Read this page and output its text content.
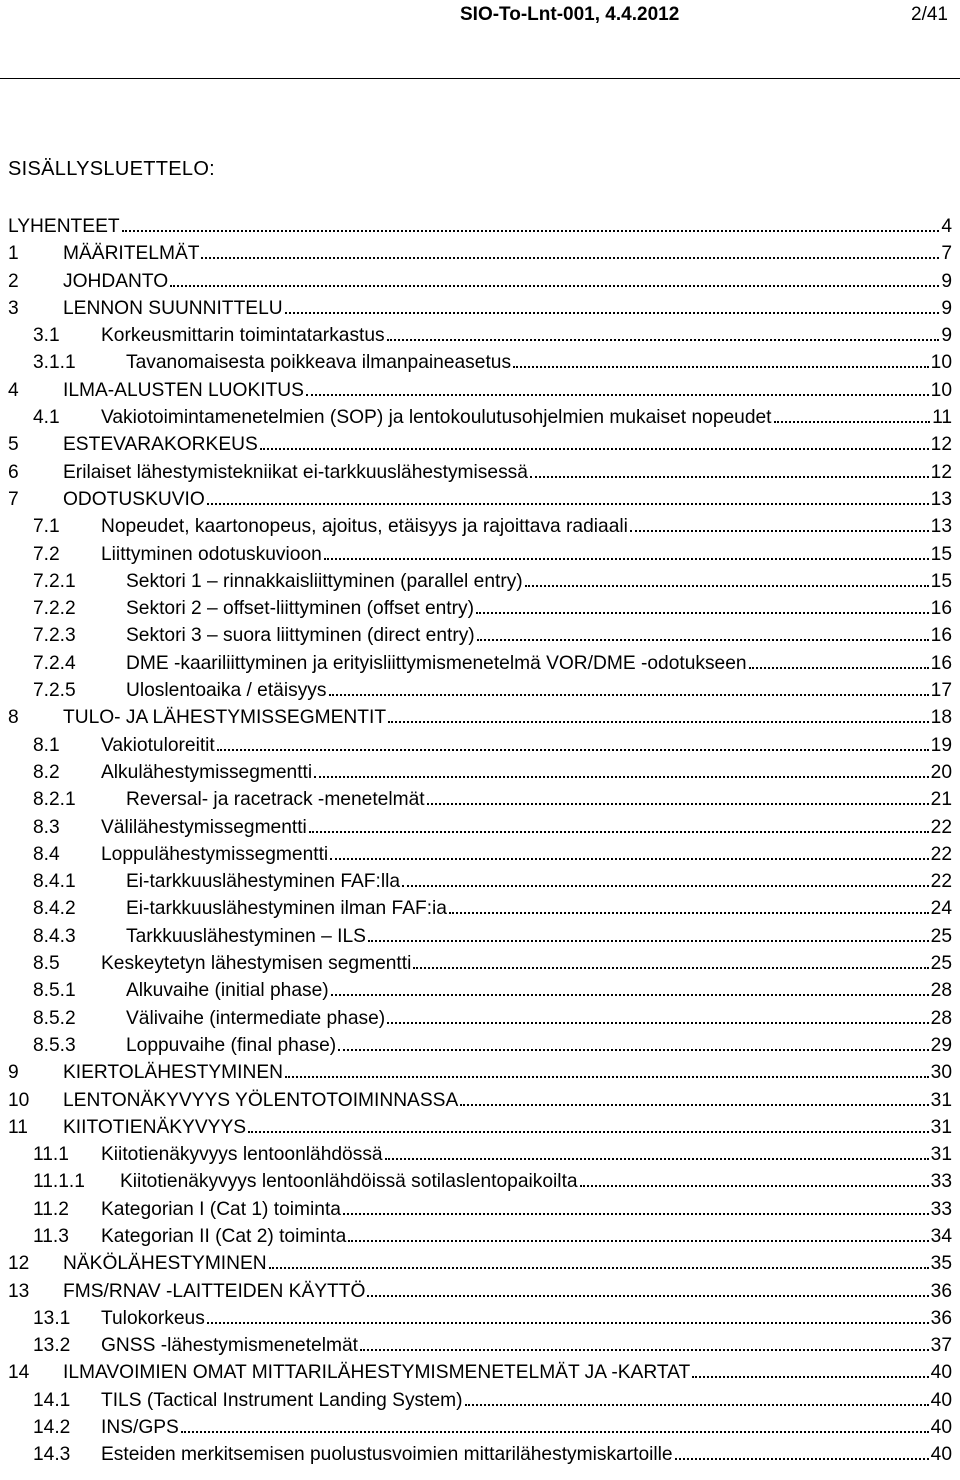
SIO-To-Lnt-001, 4.4.2012	2/41
SISÄLLYSLUETTELO:
LYHENTEET	4
1	MÄÄRITELMÄT	7
2	JOHDANTO	9
3	LENNON SUUNNITTELU	9
3.1	Korkeusmittarin toimintatarkastus	9
3.1.1	Tavanomaisesta poikkeava ilmanpaineasetus	10
4	ILMA-ALUSTEN LUOKITUS	10
4.1	Vakiotoimintamenetelmien (SOP) ja lentokoulutusohjelmien mukaiset nopeudet	11
5	ESTEVARAKORKEUS	12
6	Erilaiset lähestymistekniikat ei-tarkkuuslähestymisessä	12
7	ODOTUSKUVIO	13
7.1	Nopeudet, kaartonopeus, ajoitus, etäisyys ja rajoittava radiaali	13
7.2	Liittyminen odotuskuvioon	15
7.2.1	Sektori 1 – rinnakkaisliittyminen (parallel entry)	15
7.2.2	Sektori 2 – offset-liittyminen (offset entry)	16
7.2.3	Sektori 3 – suora liittyminen (direct entry)	16
7.2.4	DME -kaariliittyminen ja erityisliittymismenetelmä VOR/DME -odotukseen	16
7.2.5	Uloslentoaika / etäisyys	17
8	TULO- JA LÄHESTYMISSEGMENTIT	18
8.1	Vakiotuloreitit	19
8.2	Alkulähestymissegmentti	20
8.2.1	Reversal- ja racetrack -menetelmät	21
8.3	Välilähestymissegmentti	22
8.4	Loppulähestymissegmentti	22
8.4.1	Ei-tarkkuuslähestyminen FAF:lla	22
8.4.2	Ei-tarkkuuslähestyminen ilman FAF:ia	24
8.4.3	Tarkkuuslähestyminen – ILS	25
8.5	Keskeytetyn lähestymisen segmentti	25
8.5.1	Alkuvaihe (initial phase)	28
8.5.2	Välivaihe (intermediate phase)	28
8.5.3	Loppuvaihe (final phase)	29
9	KIERTOLÄHESTYMINEN	30
10	LENTONÄKYVYYS YÖLENTOTOIMINNASSA	31
11	KIITOTIENÄKYVYYS	31
11.1	Kiitotienäkyvyys lentoonlähdössä	31
11.1.1	Kiitotienäkyvyys lentoonlähdöissä sotilaslentopaikoilta	33
11.2	Kategorian I (Cat 1) toiminta	33
11.3	Kategorian II (Cat 2) toiminta	34
12	NÄKÖLÄHESTYMINEN	35
13	FMS/RNAV -LAITTEIDEN KÄYTTÖ	36
13.1	Tulokorkeus	36
13.2	GNSS -lähestymismenetelmät	37
14	ILMAVOIMIEN OMAT MITTARILÄHESTYMISMENETELMÄT JA -KARTAT	40
14.1	TILS (Tactical Instrument Landing System)	40
14.2	INS/GPS	40
14.3	Esteiden merkitsemisen puolustusvoimien mittarilähestymiskartoille	40
